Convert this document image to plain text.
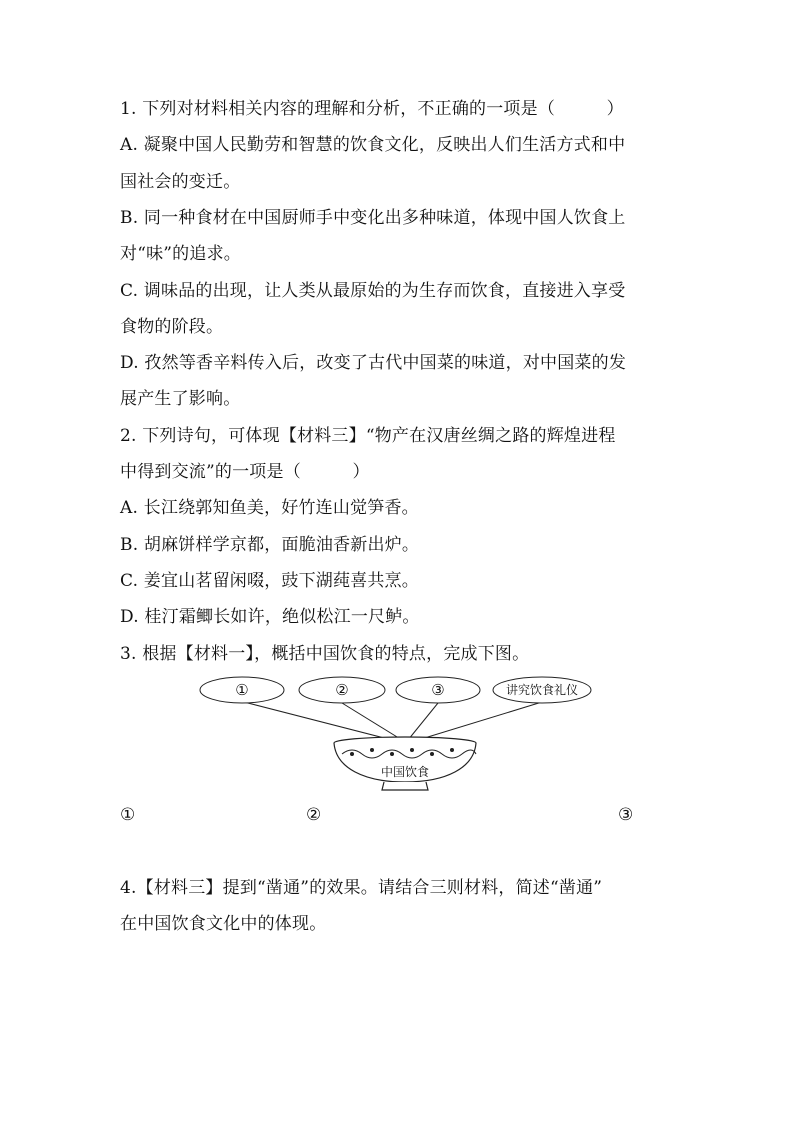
1. 下列对材料相关内容的理解和分析，不正确的一项是（　　　）
A. 凝聚中国人民勤劳和智慧的饮食文化，反映出人们生活方式和中
国社会的变迁。
B. 同一种食材在中国厨师手中变化出多种味道，体现中国人饮食上
对“味”的追求。
C. 调味品的出现，让人类从最原始的为生存而饮食，直接进入享受
食物的阶段。
D. 孜然等香辛料传入后，改变了古代中国菜的味道，对中国菜的发
展产生了影响。
2. 下列诗句，可体现【材料三】“物产在汉唐丝绸之路的辉煌进程
中得到交流”的一项是（　　　）
A. 长江绕郭知鱼美，好竹连山觉笋香。
B. 胡麻饼样学京都，面脆油香新出炉。
C. 姜宜山茗留闲啜，豉下湖莼喜共烹。
D. 桂汀霜鲫长如许，绝似松江一尺鲈。
3. 根据【材料一】，概括中国饮食的特点，完成下图。
①	②	③	讲究饮食礼仪
中国饮食
①	②	③
4.【材料三】提到“凿通”的效果。请结合三则材料，简述“凿通”
在中国饮食文化中的体现。
